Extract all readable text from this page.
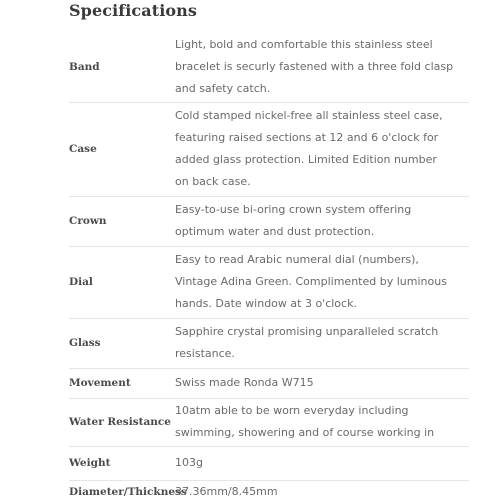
Specifications
Band	Light, bold and comfortable this stainless steel
bracelet is securly fastened with a three fold clasp
and safety catch.

Case	Cold stamped nickel-free all stainless steel case,
featuring raised sections at 12 and 6 o'clock for
added glass protection. Limited Edition number
on back case.

Crown	Easy-to-use bi-oring crown system offering
optimum water and dust protection.

Dial	Easy to read Arabic numeral dial (numbers),
Vintage Adina Green. Complimented by luminous
hands. Date window at 3 o'clock.

Glass	Sapphire crystal promising unparalleled scratch
resistance.

Movement	Swiss made Ronda W715

Water Resistance	10atm able to be worn everyday including
swimming, showering and of course working in

Weight	103g

Diameter/Thickness	37.36mm/8.45mm
